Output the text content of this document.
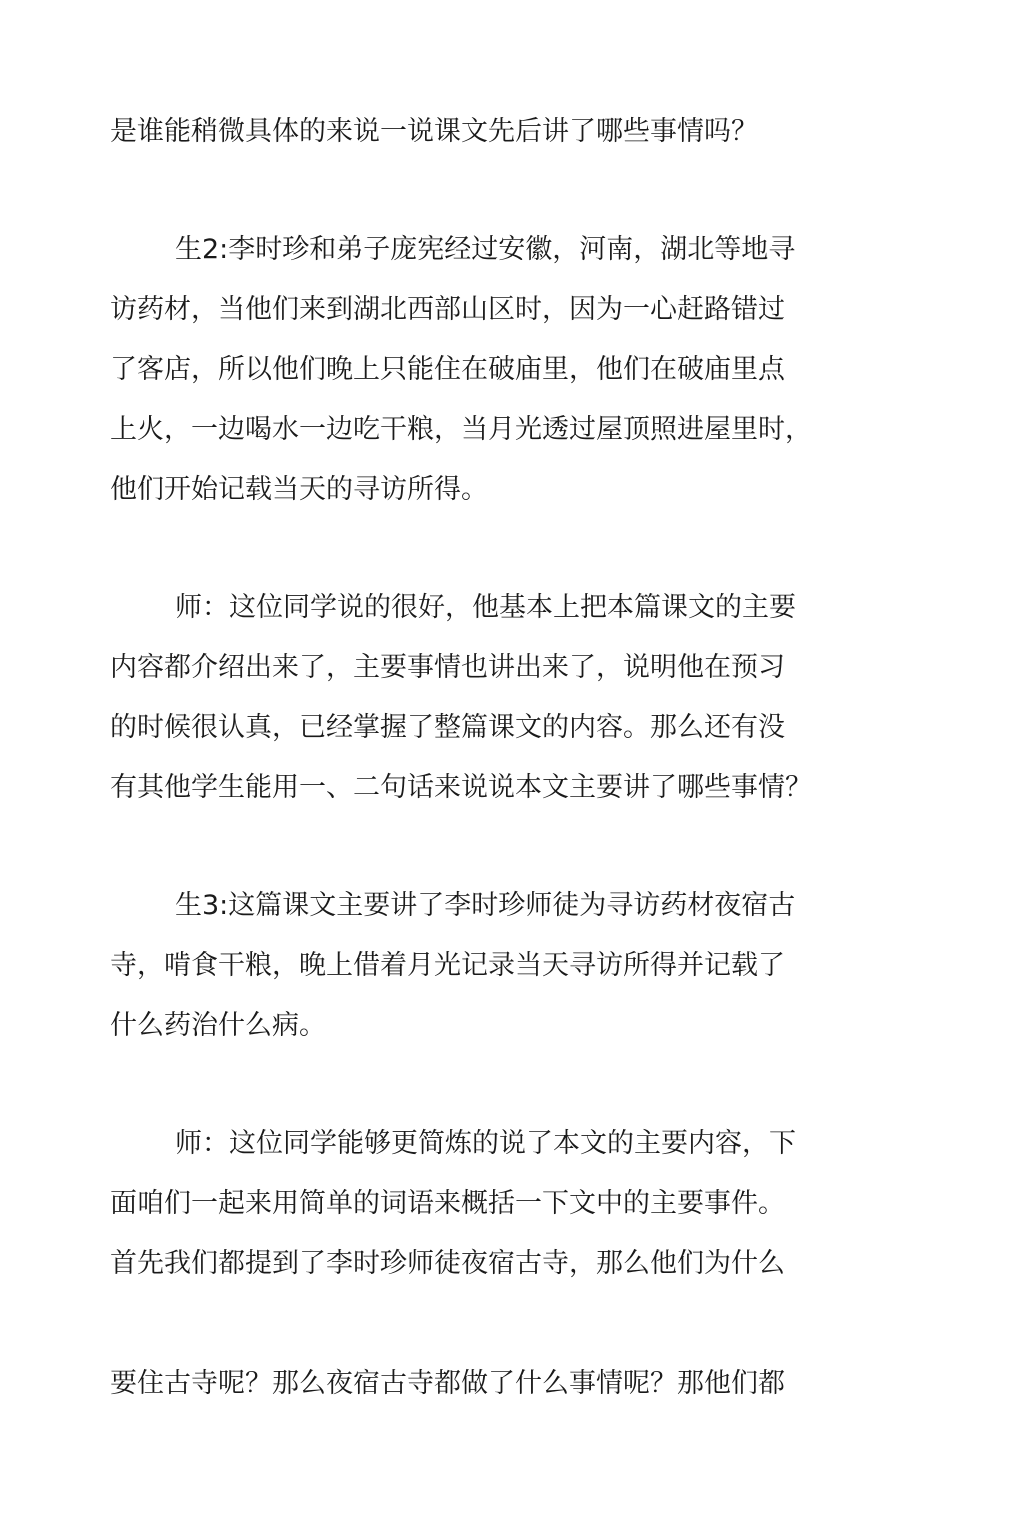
是谁能稍微具体的来说一说课文先后讲了哪些事情吗？
生2:李时珍和弟子庞宪经过安徽，河南，湖北等地寻
访药材，当他们来到湖北西部山区时，因为一心赶路错过
了客店，所以他们晚上只能住在破庙里，他们在破庙里点
上火，一边喝水一边吃干粮，当月光透过屋顶照进屋里时，
他们开始记载当天的寻访所得。
师：这位同学说的很好，他基本上把本篇课文的主要
内容都介绍出来了，主要事情也讲出来了，说明他在预习
的时候很认真，已经掌握了整篇课文的内容。那么还有没
有其他学生能用一、二句话来说说本文主要讲了哪些事情？
生3:这篇课文主要讲了李时珍师徒为寻访药材夜宿古
寺，啃食干粮，晚上借着月光记录当天寻访所得并记载了
什么药治什么病。
师：这位同学能够更简炼的说了本文的主要内容，下
面咱们一起来用简单的词语来概括一下文中的主要事件。
首先我们都提到了李时珍师徒夜宿古寺，那么他们为什么
要住古寺呢？那么夜宿古寺都做了什么事情呢？那他们都
